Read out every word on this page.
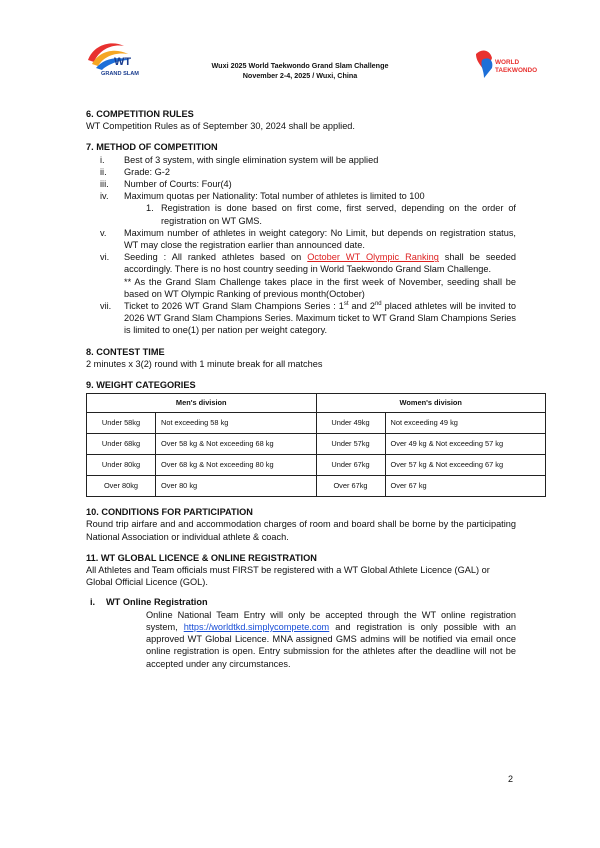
WT
GRAND SLAM
Wuxi 2025 World Taekwondo Grand Slam Challenge
November 2-4, 2025 / Wuxi, China
WORLD
TAEKWONDO
6. COMPETITION RULES

WT Competition Rules as of September 30, 2024 shall be applied.

7. METHOD OF COMPETITION
i.	Best of 3 system, with single elimination system will be applied
ii.	Grade: G-2
iii.	Number of Courts: Four(4)
iv.	Maximum quotas per Nationality: Total number of athletes is limited to 100
1. Registration is done based on first come, first served, depending on the order of registration on WT GMS.
v.	Maximum number of athletes in weight category: No Limit, but depends on registration status, WT may close the registration earlier than announced date.
vi.	Seeding : All ranked athletes based on October WT Olympic Ranking shall be seeded accordingly. There is no host country seeding in World Taekwondo Grand Slam Challenge.
** As the Grand Slam Challenge takes place in the first week of November, seeding shall be based on WT Olympic Ranking of previous month(October)
vii.	Ticket to 2026 WT Grand Slam Champions Series : 1st and 2nd placed athletes will be invited to 2026 WT Grand Slam Champions Series. Maximum ticket to WT Grand Slam Champions Series is limited to one(1) per nation per weight category.
8. CONTEST TIME

2 minutes x 3(2) round with 1 minute break for all matches

9. WEIGHT CATEGORIES
Men's division		Women's division	
Under 58kg	Not exceeding 58 kg	Under 49kg	Not exceeding 49 kg
Under 68kg	Over 58 kg & Not exceeding 68 kg	Under 57kg	Over 49 kg & Not exceeding 57 kg
Under 80kg	Over 68 kg & Not exceeding 80 kg	Under 67kg	Over 57 kg & Not exceeding 67 kg
Over 80kg	Over 80 kg	Over 67kg	Over 67 kg
10. CONDITIONS FOR PARTICIPATION

Round trip airfare and and accommodation charges of room and board shall be borne by the participating National Association or individual athlete & coach.

11. WT GLOBAL LICENCE & ONLINE REGISTRATION

All Athletes and Team officials must FIRST be registered with a WT Global Athlete Licence (GAL) or Global Official Licence (GOL).

i. WT Online Registration

Online National Team Entry will only be accepted through the WT online registration system, https://worldtkd.simplycompete.com and registration is only possible with an approved WT Global Licence. MNA assigned GMS admins will be notified via email once online registration is open. Entry submission for the athletes after the deadline will not be accepted under any circumstances.

2
